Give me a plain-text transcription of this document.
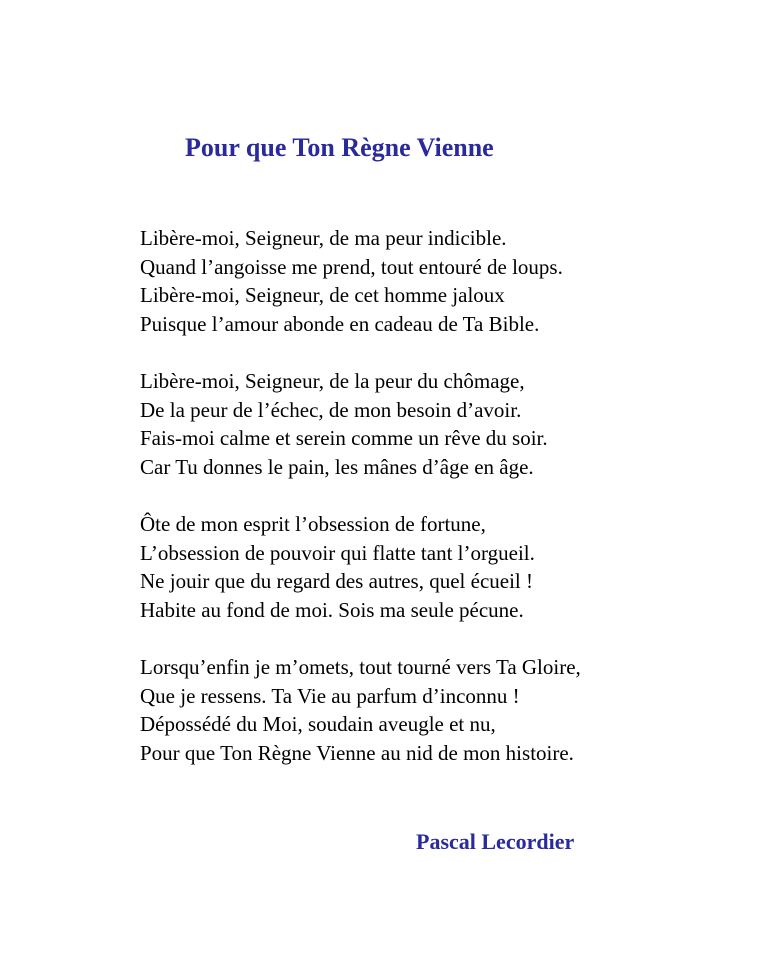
Pour que Ton Règne Vienne
Libère-moi, Seigneur, de ma peur indicible.
Quand l’angoisse me prend, tout entouré de loups.
Libère-moi, Seigneur, de cet homme jaloux
Puisque l’amour abonde en cadeau de Ta Bible.
Libère-moi, Seigneur, de la peur du chômage,
De la peur de l’échec, de mon besoin d’avoir.
Fais-moi calme et serein comme un rêve du soir.
Car Tu donnes le pain, les mânes d’âge en âge.
Ôte de mon esprit l’obsession de fortune,
L’obsession de pouvoir qui flatte tant l’orgueil.
Ne jouir que du regard des autres, quel écueil !
Habite au fond de moi. Sois ma seule pécune.
Lorsqu’enfin je m’omets, tout tourné vers Ta Gloire,
Que je ressens. Ta Vie au parfum d’inconnu !
Dépossédé du Moi, soudain aveugle et nu,
Pour que Ton Règne Vienne au nid de mon histoire.

Pascal Lecordier
